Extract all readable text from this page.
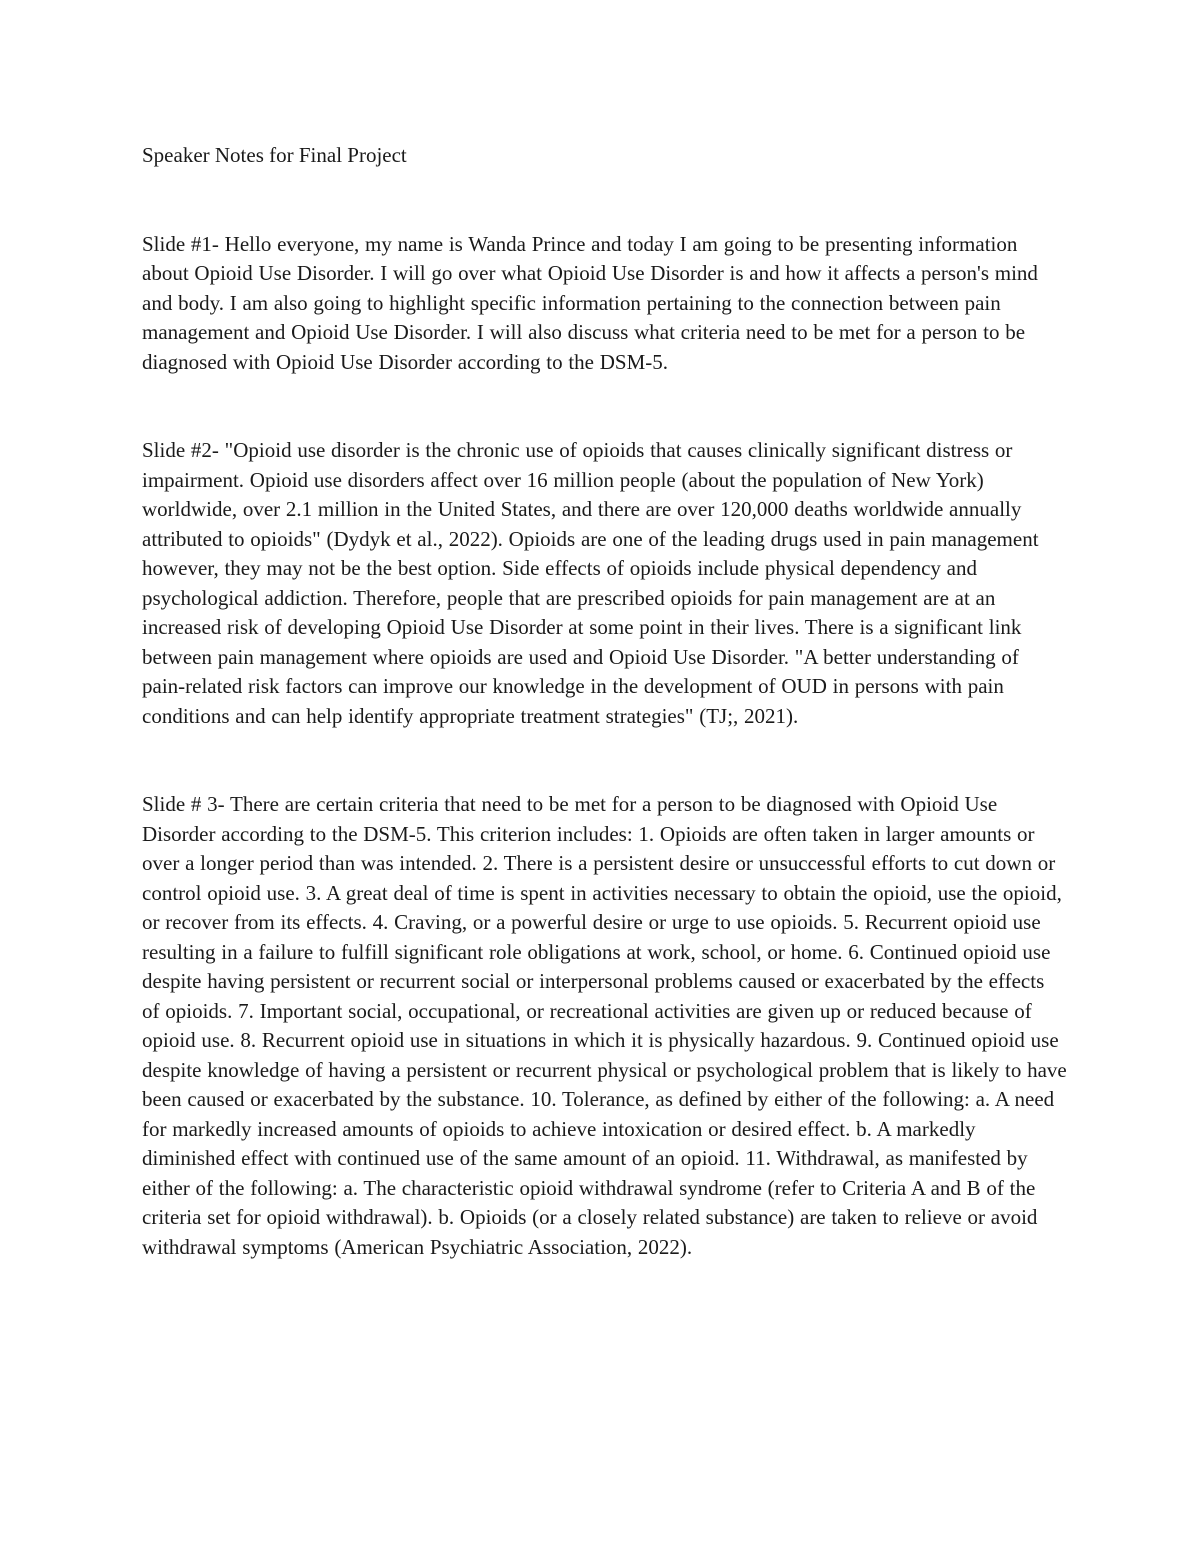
Speaker Notes for Final Project

Slide #1- Hello everyone, my name is Wanda Prince and today I am going to be presenting information about Opioid Use Disorder. I will go over what Opioid Use Disorder is and how it affects a person's mind and body. I am also going to highlight specific information pertaining to the connection between pain management and Opioid Use Disorder. I will also discuss what criteria need to be met for a person to be diagnosed with Opioid Use Disorder according to the DSM-5.

Slide #2- "Opioid use disorder is the chronic use of opioids that causes clinically significant distress or impairment. Opioid use disorders affect over 16 million people (about the population of New York) worldwide, over 2.1 million in the United States, and there are over 120,000 deaths worldwide annually attributed to opioids" (Dydyk et al., 2022). Opioids are one of the leading drugs used in pain management however, they may not be the best option. Side effects of opioids include physical dependency and psychological addiction. Therefore, people that are prescribed opioids for pain management are at an increased risk of developing Opioid Use Disorder at some point in their lives. There is a significant link between pain management where opioids are used and Opioid Use Disorder. "A better understanding of pain-related risk factors can improve our knowledge in the development of OUD in persons with pain conditions and can help identify appropriate treatment strategies" (TJ;, 2021).

Slide # 3- There are certain criteria that need to be met for a person to be diagnosed with Opioid Use Disorder according to the DSM-5. This criterion includes: 1. Opioids are often taken in larger amounts or over a longer period than was intended. 2. There is a persistent desire or unsuccessful efforts to cut down or control opioid use. 3. A great deal of time is spent in activities necessary to obtain the opioid, use the opioid, or recover from its effects. 4. Craving, or a powerful desire or urge to use opioids. 5. Recurrent opioid use resulting in a failure to fulfill significant role obligations at work, school, or home. 6. Continued opioid use despite having persistent or recurrent social or interpersonal problems caused or exacerbated by the effects of opioids. 7. Important social, occupational, or recreational activities are given up or reduced because of opioid use. 8. Recurrent opioid use in situations in which it is physically hazardous. 9. Continued opioid use despite knowledge of having a persistent or recurrent physical or psychological problem that is likely to have been caused or exacerbated by the substance. 10. Tolerance, as defined by either of the following: a. A need for markedly increased amounts of opioids to achieve intoxication or desired effect. b. A markedly diminished effect with continued use of the same amount of an opioid. 11. Withdrawal, as manifested by either of the following: a. The characteristic opioid withdrawal syndrome (refer to Criteria A and B of the criteria set for opioid withdrawal). b. Opioids (or a closely related substance) are taken to relieve or avoid withdrawal symptoms (American Psychiatric Association, 2022).
